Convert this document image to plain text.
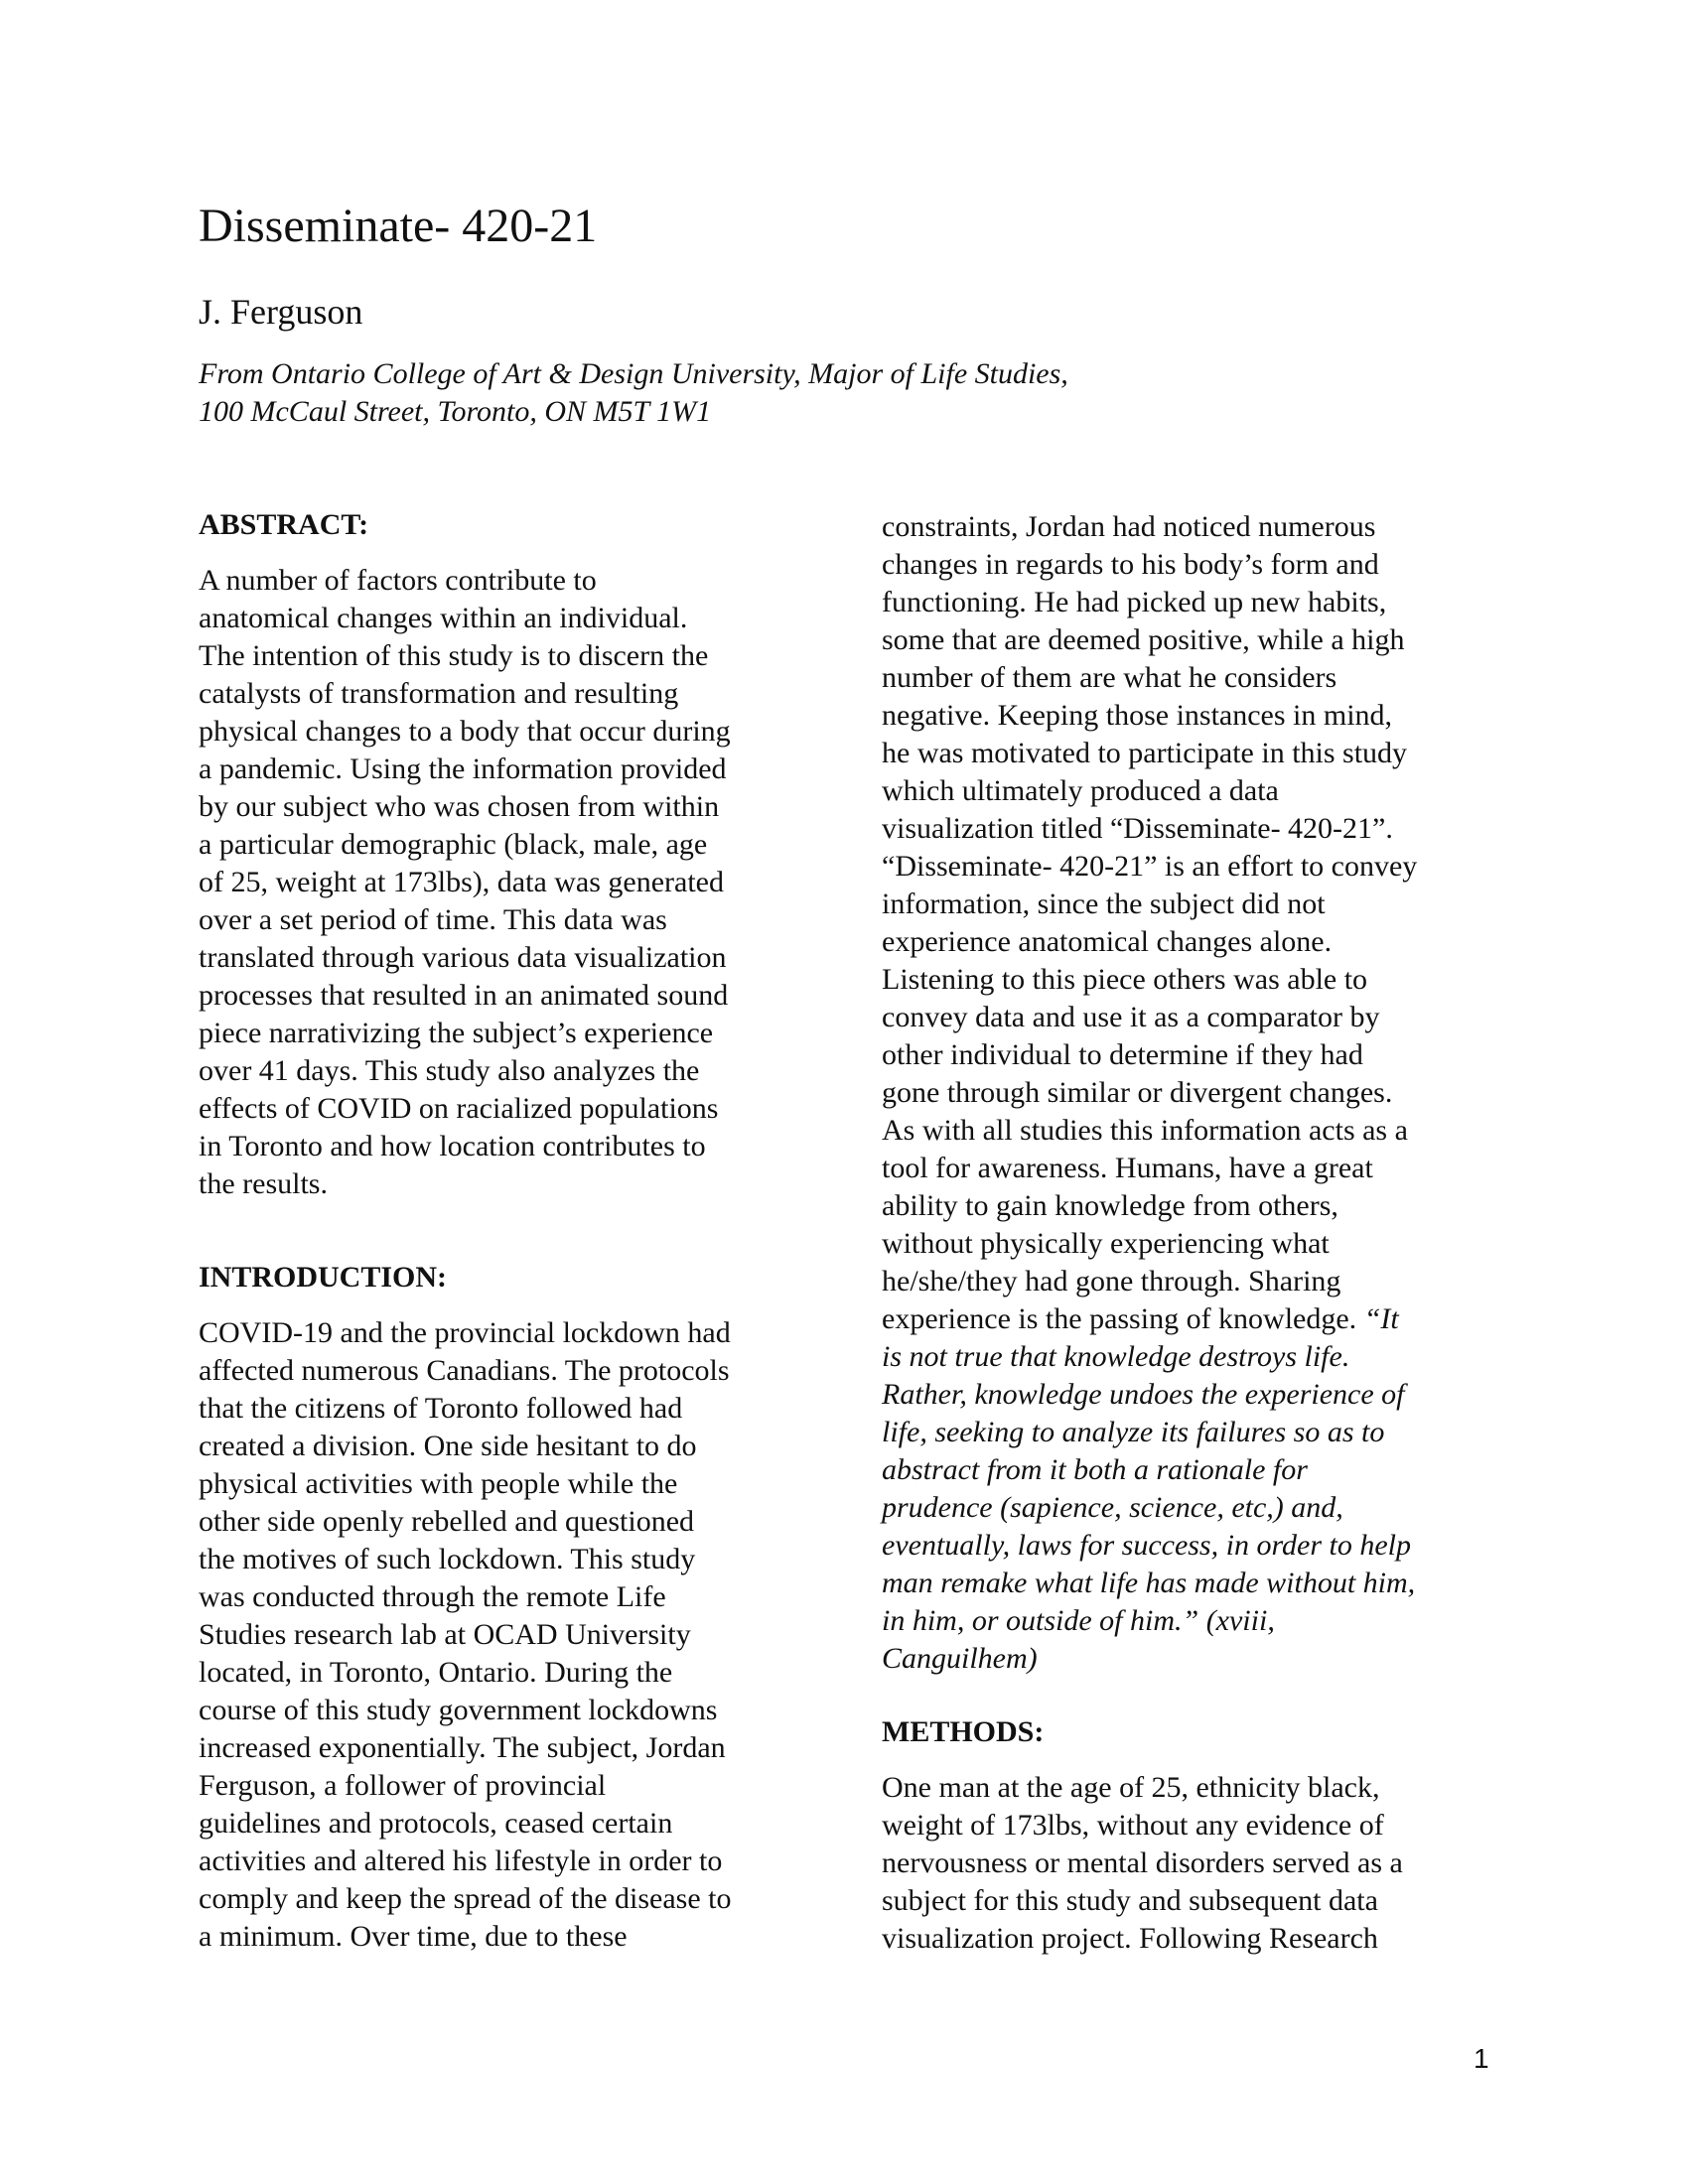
Disseminate- 420-21

J. Ferguson

From Ontario College of Art & Design University, Major of Life Studies,
100 McCaul Street, Toronto, ON M5T 1W1

ABSTRACT:

A number of factors contribute to
anatomical changes within an individual.
The intention of this study is to discern the
catalysts of transformation and resulting
physical changes to a body that occur during
a pandemic. Using the information provided
by our subject who was chosen from within
a particular demographic (black, male, age
of 25, weight at 173lbs), data was generated
over a set period of time. This data was
translated through various data visualization
processes that resulted in an animated sound
piece narrativizing the subject’s experience
over 41 days. This study also analyzes the
effects of COVID on racialized populations
in Toronto and how location contributes to
the results.

INTRODUCTION:

COVID-19 and the provincial lockdown had
affected numerous Canadians. The protocols
that the citizens of Toronto followed had
created a division. One side hesitant to do
physical activities with people while the
other side openly rebelled and questioned
the motives of such lockdown. This study
was conducted through the remote Life
Studies research lab at OCAD University
located, in Toronto, Ontario. During the
course of this study government lockdowns
increased exponentially. The subject, Jordan
Ferguson, a follower of provincial
guidelines and protocols, ceased certain
activities and altered his lifestyle in order to
comply and keep the spread of the disease to
a minimum. Over time, due to these

constraints, Jordan had noticed numerous
changes in regards to his body’s form and
functioning. He had picked up new habits,
some that are deemed positive, while a high
number of them are what he considers
negative. Keeping those instances in mind,
he was motivated to participate in this study
which ultimately produced a data
visualization titled “Disseminate- 420-21”.
“Disseminate- 420-21” is an effort to convey
information, since the subject did not
experience anatomical changes alone.
Listening to this piece others was able to
convey data and use it as a comparator by
other individual to determine if they had
gone through similar or divergent changes.
As with all studies this information acts as a
tool for awareness. Humans, have a great
ability to gain knowledge from others,
without physically experiencing what
he/she/they had gone through. Sharing

experience is the passing of knowledge. “It
is not true that knowledge destroys life.
Rather, knowledge undoes the experience of
life, seeking to analyze its failures so as to
abstract from it both a rationale for
prudence (sapience, science, etc,) and,
eventually, laws for success, in order to help
man remake what life has made without him,
in him, or outside of him.” (xviii,
Canguilhem)

METHODS:

One man at the age of 25, ethnicity black,
weight of 173lbs, without any evidence of
nervousness or mental disorders served as a
subject for this study and subsequent data
visualization project. Following Research

1
